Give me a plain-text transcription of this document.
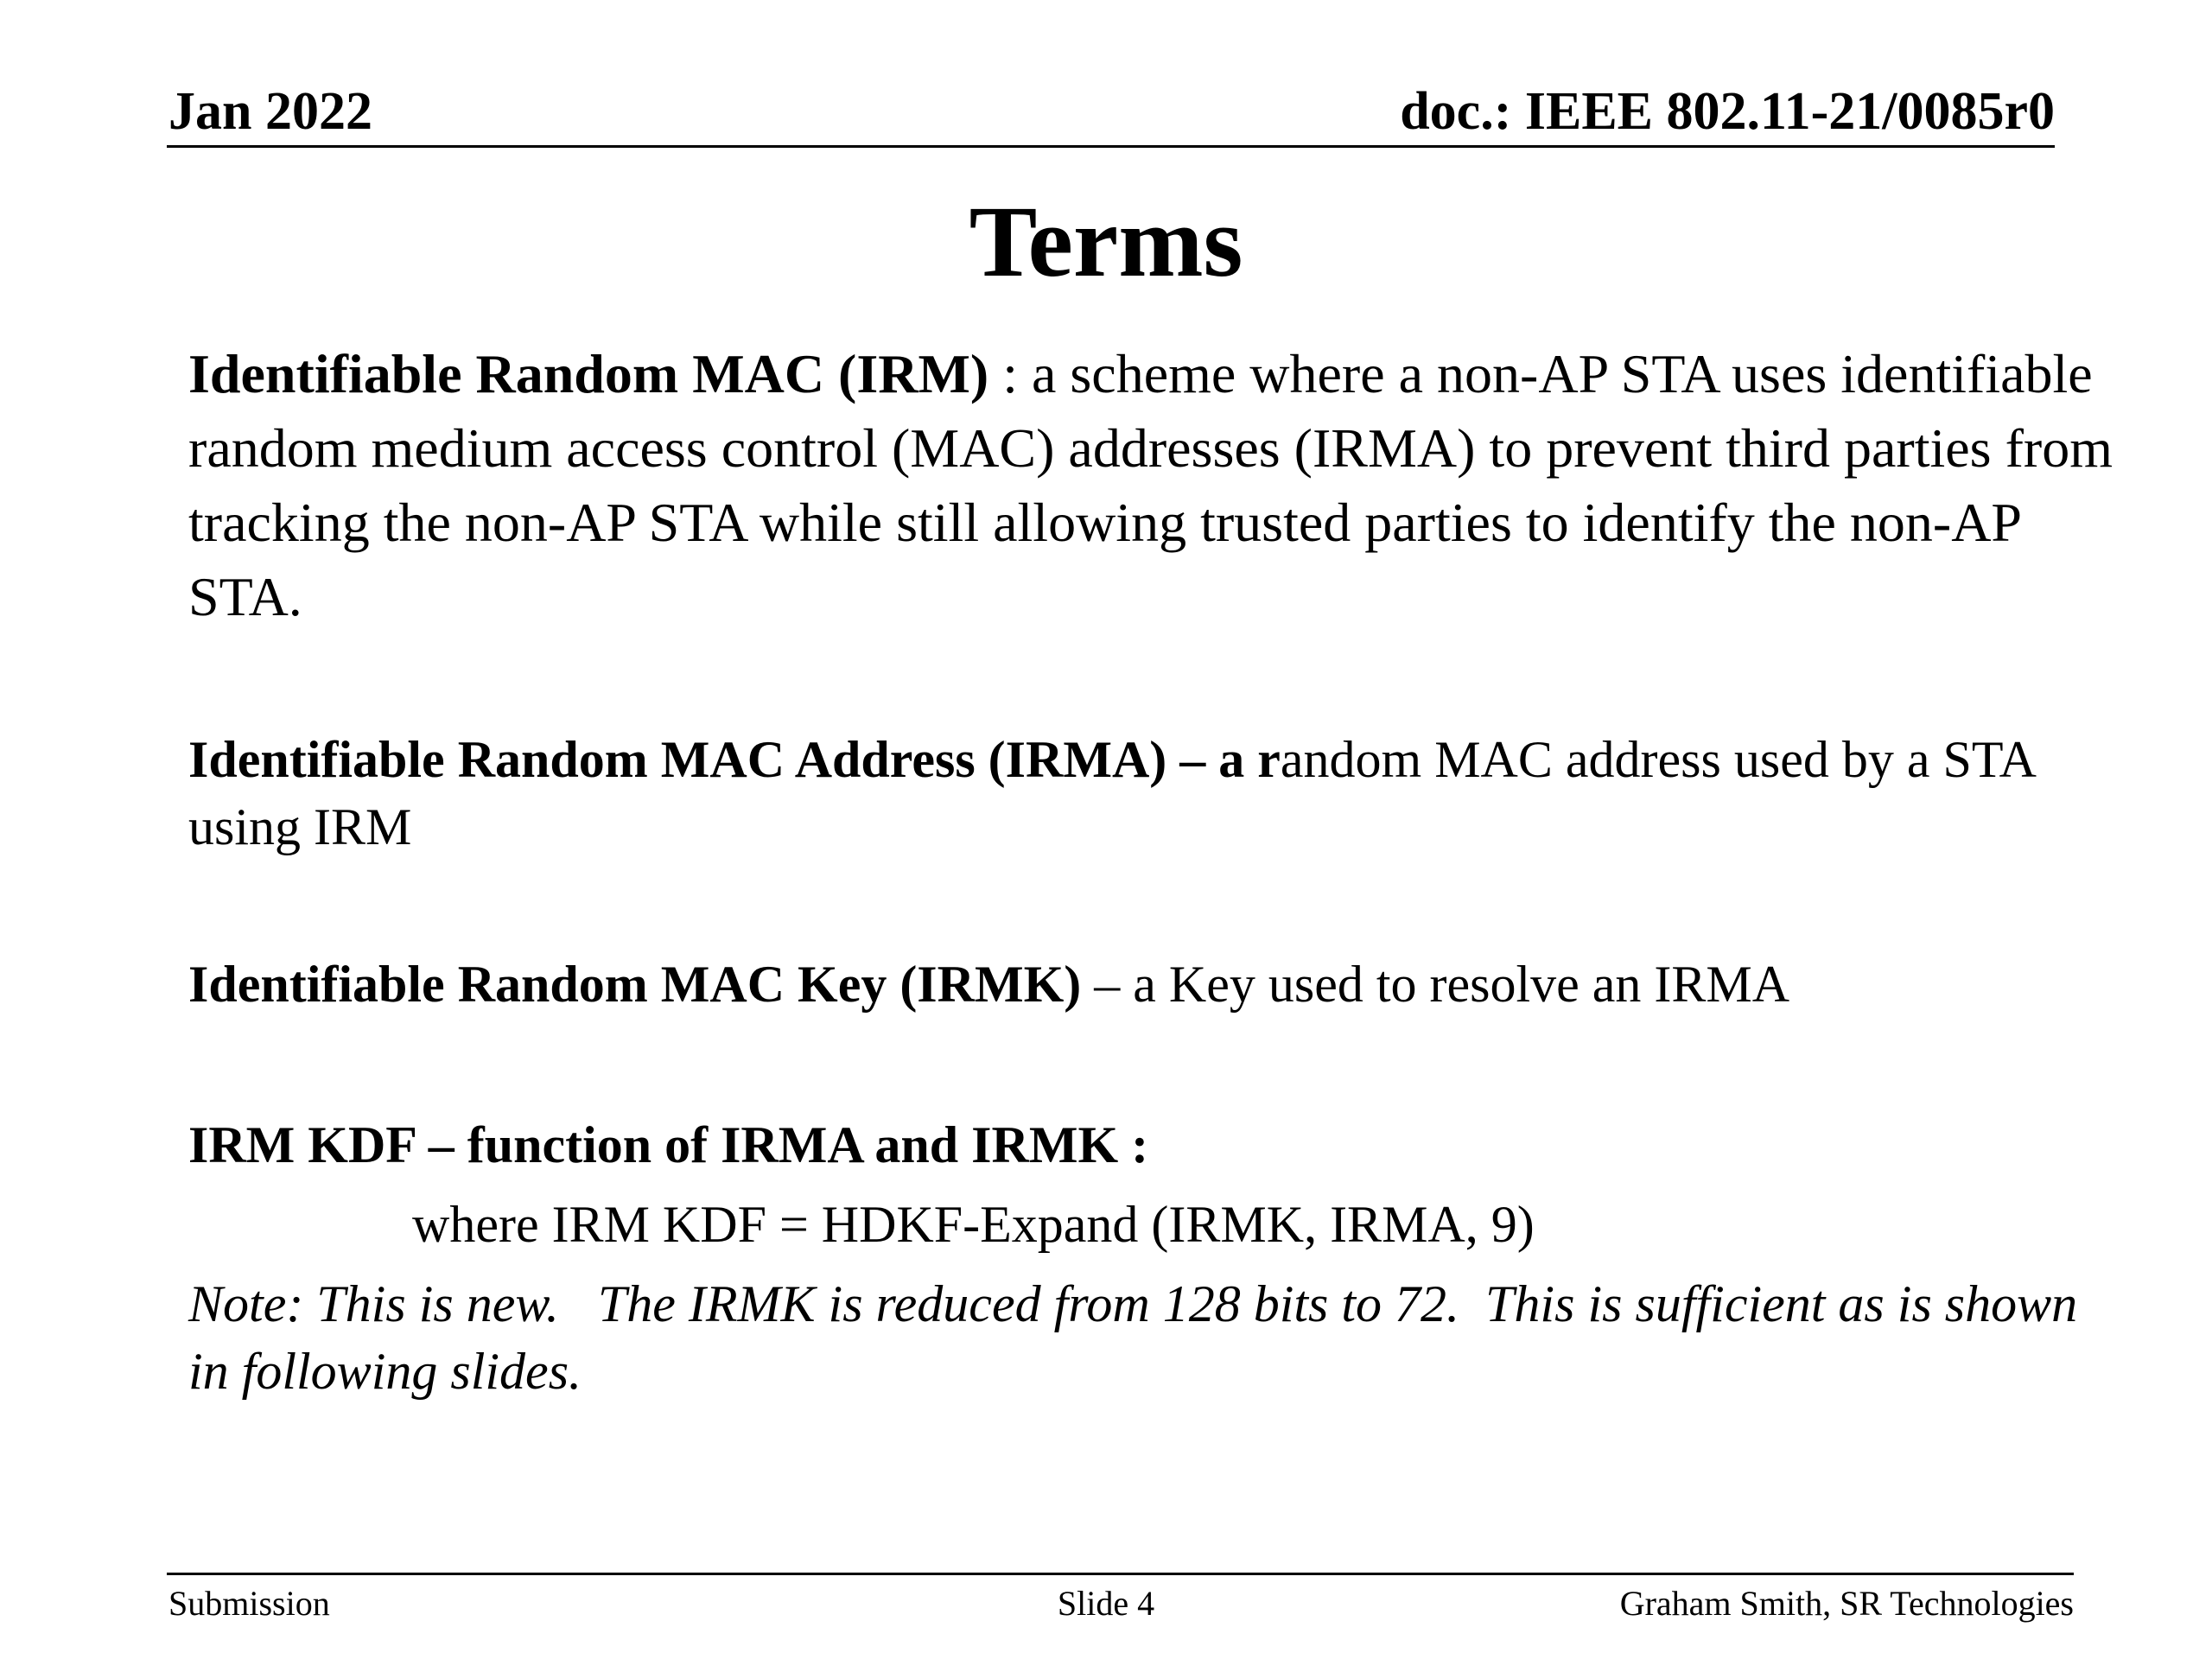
Jan 2022	doc.: IEEE 802.11-21/0085r0
Terms
Identifiable Random MAC (IRM) : a scheme where a non-AP STA uses identifiable random medium access control (MAC) addresses (IRMA) to prevent third parties from tracking the non-AP STA while still allowing trusted parties to identify the non-AP STA.
Identifiable Random MAC Address (IRMA) – a random MAC address used by a STA using IRM
Identifiable Random MAC Key (IRMK) – a Key used to resolve an IRMA
IRM KDF – function of IRMA and IRMK :
where IRM KDF = HDKF-Expand (IRMK, IRMA, 9)
Note: This is new.   The IRMK is reduced from 128 bits to 72.  This is sufficient as is shown in following slides.
Submission	Slide 4	Graham Smith, SR Technologies
